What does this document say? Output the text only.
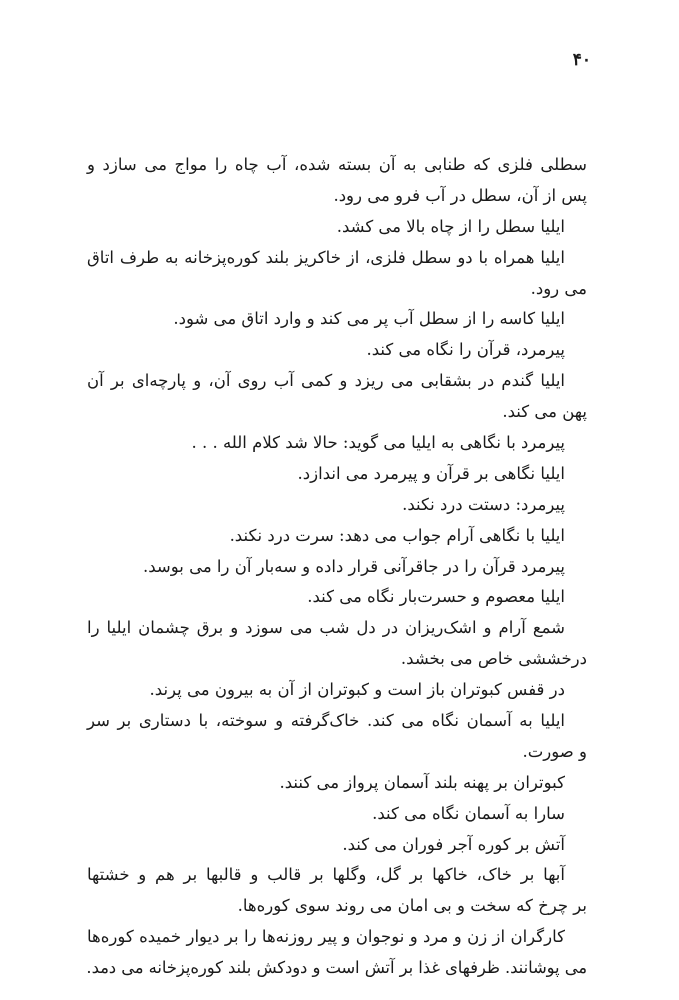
۴۰
سطلی فلزی که طنابی به آن بسته شده، آب چاه را مواج می سازد و
پس از آن، سطل در آب فرو می رود.
ایلیا سطل را از چاه بالا می کشد.
ایلیا همراه با دو سطل فلزی، از خاکریز بلند کوره‌پزخانه به طرف اتاق
می رود.
ایلیا کاسه را از سطل آب پر می کند و وارد اتاق می شود.
پیرمرد، قرآن را نگاه می کند.
ایلیا گندم در بشقابی می ریزد و کمی آب روی آن، و پارچه‌ای بر آن
پهن می کند.
پیرمرد با نگاهی به ایلیا می گوید: حالا شد کلام الله . . .
ایلیا نگاهی بر قرآن و پیرمرد می اندازد.
پیرمرد: دستت درد نکند.
ایلیا با نگاهی آرام جواب می دهد: سرت درد نکند.
پیرمرد قرآن را در جاقرآنی قرار داده و سه‌بار آن را می بوسد.
ایلیا معصوم و حسرت‌بار نگاه می کند.
شمع آرام و اشک‌ریزان در دل شب می سوزد و برق چشمان ایلیا را
درخششی خاص می بخشد.
در قفس کبوتران باز است و کبوتران از آن به بیرون می پرند.
ایلیا به آسمان نگاه می کند. خاک‌گرفته و سوخته، با دستاری بر سر
و صورت.
کبوتران بر پهنه بلند آسمان پرواز می کنند.
سارا به آسمان نگاه می کند.
آتش بر کوره آجر فوران می کند.
آبها بر خاک، خاکها بر گل، وگلها بر قالب و قالبها بر هم و خشتها
بر چرخ که سخت و بی امان می روند سوی کوره‌ها.
کارگران از زن و مرد و نوجوان و پیر روزنه‌ها را بر دیوار خمیده کوره‌ها
می پوشانند. ظرفهای غذا بر آتش است و دودکش بلند کوره‌پزخانه می دمد.
